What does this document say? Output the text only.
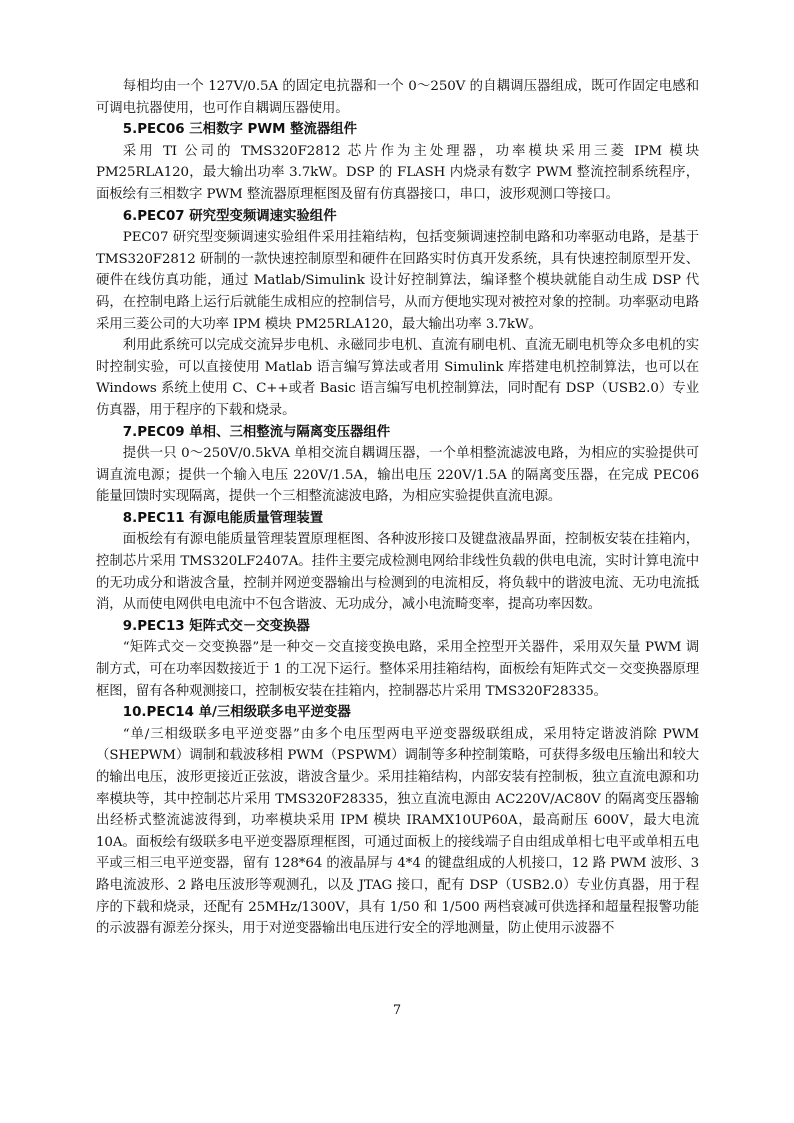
每相均由一个 127V/0.5A 的固定电抗器和一个 0～250V 的自耦调压器组成，既可作固定电感和可调电抗器使用，也可作自耦调压器使用。

5.PEC06 三相数字 PWM 整流器组件

采用 TI 公司的 TMS320F2812 芯片作为主处理器，功率模块采用三菱 IPM 模块 PM25RLA120，最大输出功率 3.7kW。DSP 的 FLASH 内烧录有数字 PWM 整流控制系统程序，面板绘有三相数字 PWM 整流器原理框图及留有仿真器接口，串口，波形观测口等接口。

6.PEC07 研究型变频调速实验组件

PEC07 研究型变频调速实验组件采用挂箱结构，包括变频调速控制电路和功率驱动电路，是基于 TMS320F2812 研制的一款快速控制原型和硬件在回路实时仿真开发系统，具有快速控制原型开发、硬件在线仿真功能，通过 Matlab/Simulink 设计好控制算法，编译整个模块就能自动生成 DSP 代码，在控制电路上运行后就能生成相应的控制信号，从而方便地实现对被控对象的控制。功率驱动电路采用三菱公司的大功率 IPM 模块 PM25RLA120，最大输出功率 3.7kW。

利用此系统可以完成交流异步电机、永磁同步电机、直流有刷电机、直流无刷电机等众多电机的实时控制实验，可以直接使用 Matlab 语言编写算法或者用 Simulink 库搭建电机控制算法，也可以在 Windows 系统上使用 C、C++或者 Basic 语言编写电机控制算法，同时配有 DSP（USB2.0）专业仿真器，用于程序的下载和烧录。

7.PEC09 单相、三相整流与隔离变压器组件

提供一只 0～250V/0.5kVA 单相交流自耦调压器，一个单相整流滤波电路，为相应的实验提供可调直流电源；提供一个输入电压 220V/1.5A，输出电压 220V/1.5A 的隔离变压器，在完成 PEC06 能量回馈时实现隔离，提供一个三相整流滤波电路，为相应实验提供直流电源。

8.PEC11 有源电能质量管理装置

面板绘有有源电能质量管理装置原理框图、各种波形接口及键盘液晶界面，控制板安装在挂箱内，控制芯片采用 TMS320LF2407A。挂件主要完成检测电网给非线性负载的供电电流，实时计算电流中的无功成分和谐波含量，控制并网逆变器输出与检测到的电流相反，将负载中的谐波电流、无功电流抵消，从而使电网供电电流中不包含谐波、无功成分，减小电流畸变率，提高功率因数。

9.PEC13 矩阵式交－交变换器

“矩阵式交－交变换器”是一种交－交直接变换电路，采用全控型开关器件，采用双矢量 PWM 调制方式，可在功率因数接近于 1 的工况下运行。整体采用挂箱结构，面板绘有矩阵式交－交变换器原理框图，留有各种观测接口，控制板安装在挂箱内，控制器芯片采用 TMS320F28335。

10.PEC14 单/三相级联多电平逆变器

“单/三相级联多电平逆变器”由多个电压型两电平逆变器级联组成，采用特定谐波消除 PWM（SHEPWM）调制和载波移相 PWM（PSPWM）调制等多种控制策略，可获得多级电压输出和较大的输出电压，波形更接近正弦波，谐波含量少。采用挂箱结构，内部安装有控制板，独立直流电源和功率模块等，其中控制芯片采用 TMS320F28335，独立直流电源由 AC220V/AC80V 的隔离变压器输出经桥式整流滤波得到，功率模块采用 IPM 模块 IRAMX10UP60A，最高耐压 600V，最大电流 10A。面板绘有级联多电平逆变器原理框图，可通过面板上的接线端子自由组成单相七电平或单相五电平或三相三电平逆变器，留有 128*64 的液晶屏与 4*4 的键盘组成的人机接口，12 路 PWM 波形、3 路电流波形、2 路电压波形等观测孔，以及 JTAG 接口，配有 DSP（USB2.0）专业仿真器，用于程序的下载和烧录，还配有 25MHz/1300V，具有 1/50 和 1/500 两档衰减可供选择和超量程报警功能的示波器有源差分探头，用于对逆变器输出电压进行安全的浮地测量，防止使用示波器不

7
